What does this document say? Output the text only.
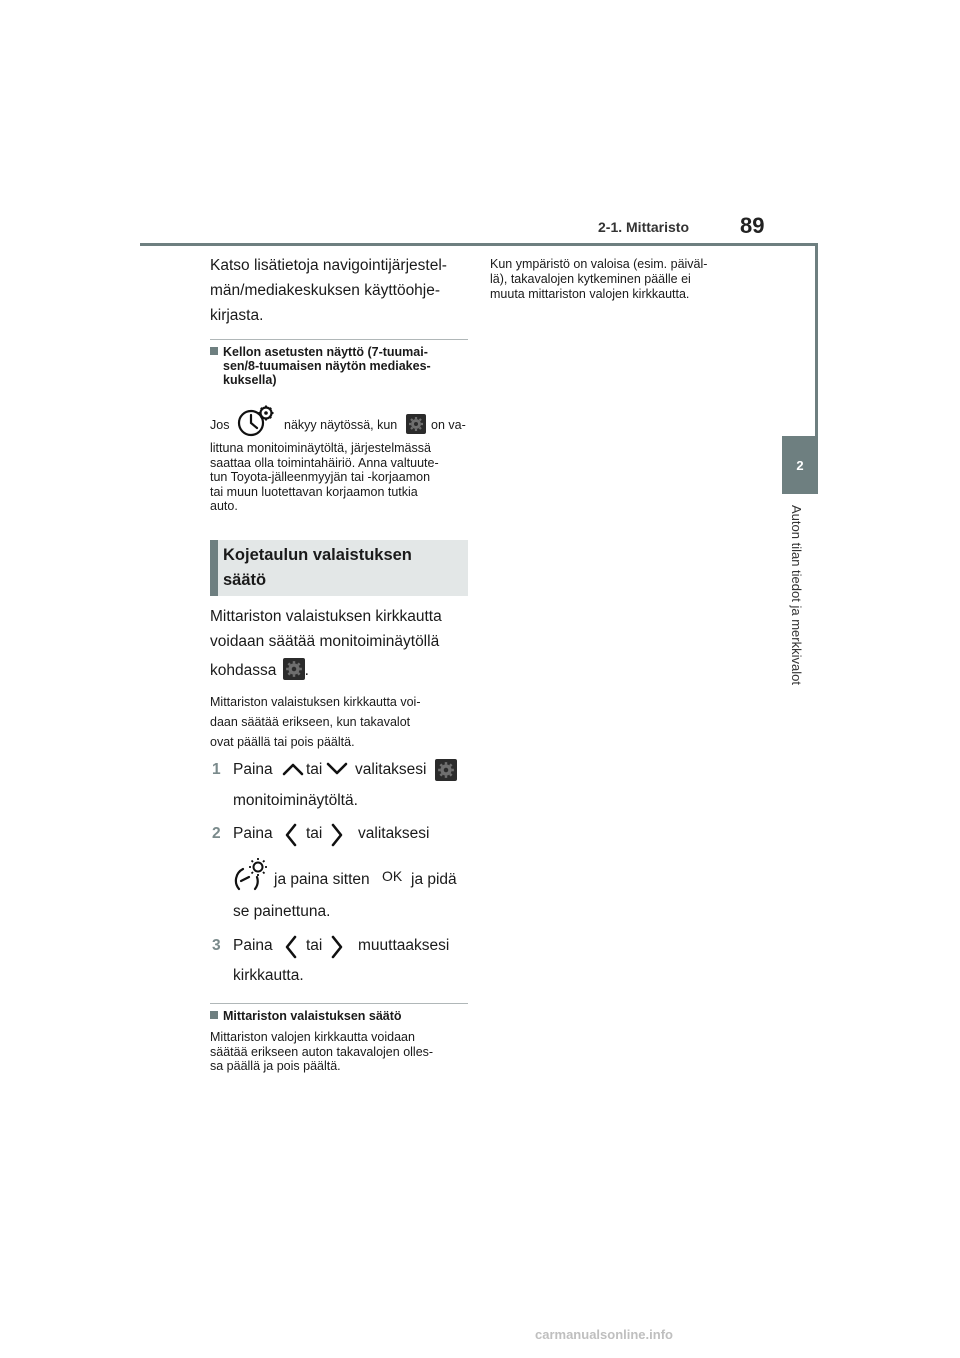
2-1. Mittaristo 89
2
Auton tilan tiedot ja merkkivalot
Katso lisätietoja navigointijärjestel-
män/mediakeskuksen käyttöohje-
kirjasta.
Kellon asetusten näyttö (7-tuumai-
sen/8-tuumaisen näytön mediakes-
kuksella)
Jos	näkyy näytössä, kun	on va-
littuna monitoiminäytöltä, järjestelmässä
saattaa olla toimintahäiriö. Anna valtuute-
tun Toyota-jälleenmyyjän tai -korjaamon
tai muun luotettavan korjaamon tutkia
auto.
Kojetaulun valaistuksen
säätö
Mittariston valaistuksen kirkkautta
voidaan säätää monitoiminäytöllä
kohdassa .
Mittariston valaistuksen kirkkautta voi-
daan säätää erikseen, kun takavalot
ovat päällä tai pois päältä.
1 Paina tai valitaksesi
monitoiminäytöltä.
2 Paina tai valitaksesi
ja paina sitten OK ja pidä
se painettuna.
3 Paina tai muuttaaksesi
kirkkautta.
Mittariston valaistuksen säätö
Mittariston valojen kirkkautta voidaan
säätää erikseen auton takavalojen olles-
sa päällä ja pois päältä.
Kun ympäristö on valoisa (esim. päiväl-
lä), takavalojen kytkeminen päälle ei
muuta mittariston valojen kirkkautta.
carmanualsonline.info
